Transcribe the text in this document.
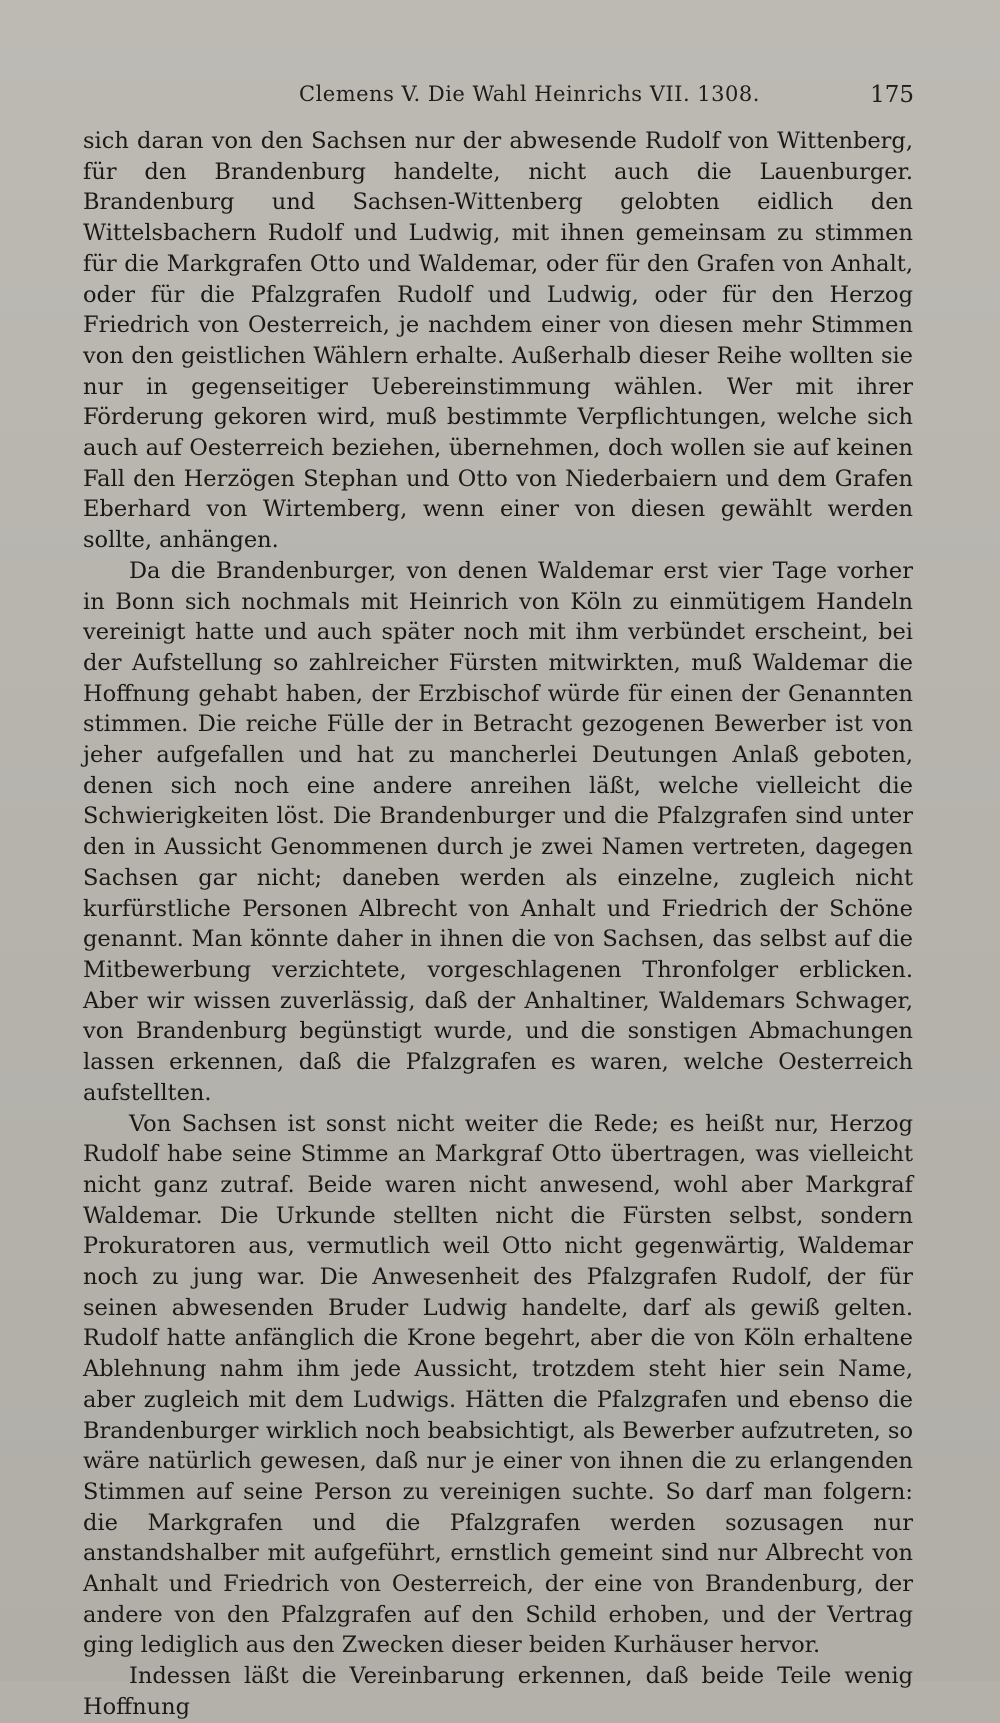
Clemens V. Die Wahl Heinrichs VII. 1308.	175

sich daran von den Sachsen nur der abwesende Rudolf von Wittenberg, für den Brandenburg handelte, nicht auch die Lauenburger. Brandenburg und Sachsen-Wittenberg gelobten eidlich den Wittelsbachern Rudolf und Ludwig, mit ihnen gemeinsam zu stimmen für die Markgrafen Otto und Waldemar, oder für den Grafen von Anhalt, oder für die Pfalzgrafen Rudolf und Ludwig, oder für den Herzog Friedrich von Oesterreich, je nachdem einer von diesen mehr Stimmen von den geistlichen Wählern erhalte. Außerhalb dieser Reihe wollten sie nur in gegenseitiger Uebereinstimmung wählen. Wer mit ihrer Förderung gekoren wird, muß bestimmte Verpflichtungen, welche sich auch auf Oesterreich beziehen, übernehmen, doch wollen sie auf keinen Fall den Herzögen Stephan und Otto von Niederbaiern und dem Grafen Eberhard von Wirtemberg, wenn einer von diesen gewählt werden sollte, anhängen.

Da die Brandenburger, von denen Waldemar erst vier Tage vorher in Bonn sich nochmals mit Heinrich von Köln zu einmütigem Handeln vereinigt hatte und auch später noch mit ihm verbündet erscheint, bei der Aufstellung so zahlreicher Fürsten mitwirkten, muß Waldemar die Hoffnung gehabt haben, der Erzbischof würde für einen der Genannten stimmen. Die reiche Fülle der in Betracht gezogenen Bewerber ist von jeher aufgefallen und hat zu mancherlei Deutungen Anlaß geboten, denen sich noch eine andere anreihen läßt, welche vielleicht die Schwierigkeiten löst. Die Brandenburger und die Pfalzgrafen sind unter den in Aussicht Genommenen durch je zwei Namen vertreten, dagegen Sachsen gar nicht; daneben werden als einzelne, zugleich nicht kurfürstliche Personen Albrecht von Anhalt und Friedrich der Schöne genannt. Man könnte daher in ihnen die von Sachsen, das selbst auf die Mitbewerbung verzichtete, vorgeschlagenen Thronfolger erblicken. Aber wir wissen zuverlässig, daß der Anhaltiner, Waldemars Schwager, von Brandenburg begünstigt wurde, und die sonstigen Abmachungen lassen erkennen, daß die Pfalzgrafen es waren, welche Oesterreich aufstellten.

Von Sachsen ist sonst nicht weiter die Rede; es heißt nur, Herzog Rudolf habe seine Stimme an Markgraf Otto übertragen, was vielleicht nicht ganz zutraf. Beide waren nicht anwesend, wohl aber Markgraf Waldemar. Die Urkunde stellten nicht die Fürsten selbst, sondern Prokuratoren aus, vermutlich weil Otto nicht gegenwärtig, Waldemar noch zu jung war. Die Anwesenheit des Pfalzgrafen Rudolf, der für seinen abwesenden Bruder Ludwig handelte, darf als gewiß gelten. Rudolf hatte anfänglich die Krone begehrt, aber die von Köln erhaltene Ablehnung nahm ihm jede Aussicht, trotzdem steht hier sein Name, aber zugleich mit dem Ludwigs. Hätten die Pfalzgrafen und ebenso die Brandenburger wirklich noch beabsichtigt, als Bewerber aufzutreten, so wäre natürlich gewesen, daß nur je einer von ihnen die zu erlangenden Stimmen auf seine Person zu vereinigen suchte. So darf man folgern: die Markgrafen und die Pfalzgrafen werden sozusagen nur anstandshalber mit aufgeführt, ernstlich gemeint sind nur Albrecht von Anhalt und Friedrich von Oesterreich, der eine von Brandenburg, der andere von den Pfalzgrafen auf den Schild erhoben, und der Vertrag ging lediglich aus den Zwecken dieser beiden Kurhäuser hervor.

Indessen läßt die Vereinbarung erkennen, daß beide Teile wenig Hoffnung
